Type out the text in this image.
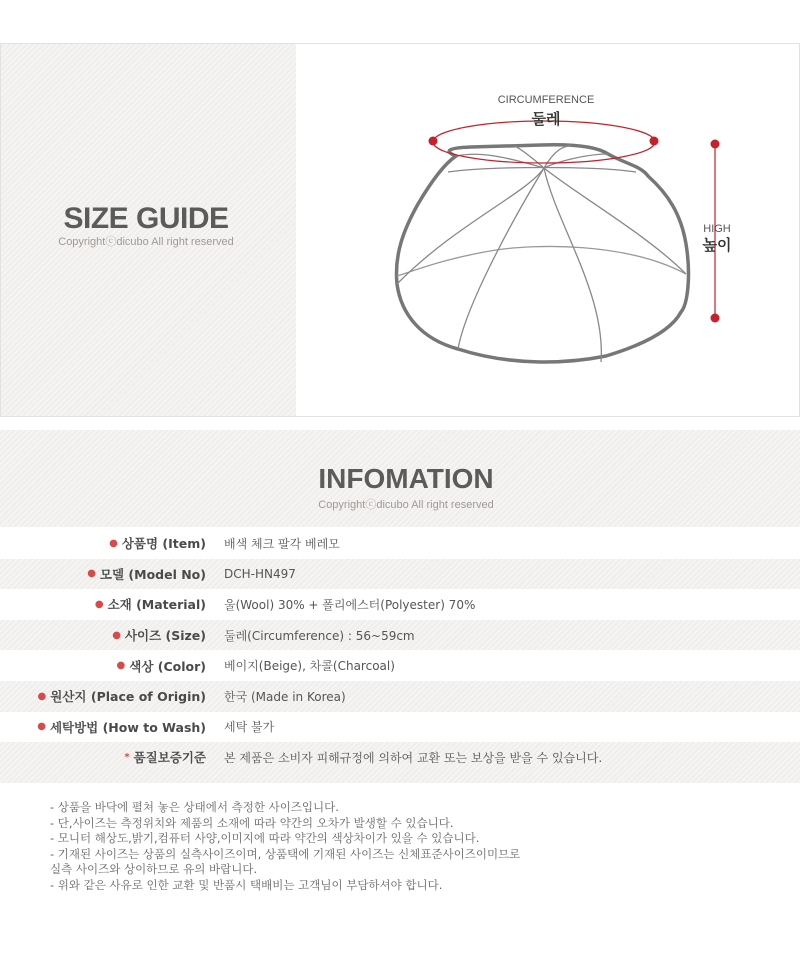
SIZE GUIDE
Copyrightⓒdicubo All right reserved
CIRCUMFERENCE
둘레
HIGH
높이
INFOMATION
Copyrightⓒdicubo All right reserved
● 상품명 (Item) 배색 체크 팔각 베레모
● 모델 (Model No) DCH-HN497
● 소재 (Material) 울(Wool) 30% + 폴리에스터(Polyester) 70%
● 사이즈 (Size) 둘레(Circumference) : 56~59cm
● 색상 (Color) 베이지(Beige), 차콜(Charcoal)
● 원산지 (Place of Origin) 한국 (Made in Korea)
● 세탁방법 (How to Wash) 세탁 불가
* 품질보증기준 본 제품은 소비자 피해규정에 의하여 교환 또는 보상을 받을 수 있습니다.
- 상품을 바닥에 펼쳐 놓은 상태에서 측정한 사이즈입니다.
- 단,사이즈는 측정위치와 제품의 소재에 따라 약간의 오차가 발생할 수 있습니다.
- 모니터 해상도,밝기,컴퓨터 사양,이미지에 따라 약간의 색상차이가 있을 수 있습니다.
- 기재된 사이즈는 상품의 실측사이즈이며, 상품택에 기재된 사이즈는 신체표준사이즈이미므로
실측 사이즈와 상이하므로 유의 바랍니다.
- 위와 같은 사유로 인한 교환 및 반품시 택배비는 고객님이 부담하셔야 합니다.
